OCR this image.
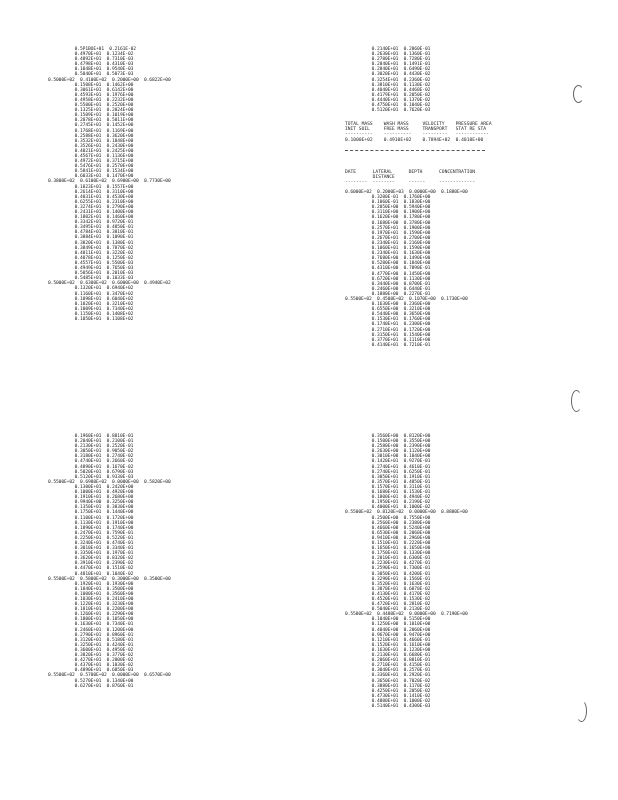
0.5P1BOE+01  0.2161E-02
0.4970E+01  0.1234E-02
0.4892E+01  0.7310E-03
0.4798E+01  0.4310E-03
0.1048E+01  0.9540E-03
0.5040E+01  0.5073E-03
0.5000E+02  0.4100E+02  0.2000E+00  0.6822E+00
0.1508E+01  0.1462E+00
0.3061E+01  0.6142E+00
0.4593E+01  0.1976E+00
0.4958E+01  0.2232E+00
0.5500E+01  0.2520E+00
0.1325E+01  0.2024E+00
0.1509E+01  0.1019E+00
0.2078E+01  0.5011E+00
0.2745E+01  0.1452E+00
0.1768E+01  0.1169E+00
0.2588E+01  0.3620E+00
0.3532E+01  0.1848E+00
0.3526E+01  0.2430E+00
0.4021E+01  0.2425E+00
0.4567E+01  0.1136E+00
0.4972E+01  0.3715E+00
0.5476E+01  0.2570E+00
0.5841E+01  0.1534E+00
0.6033E+01  0.1470E+00
0.3800E+02  0.6100E+02  0.6900E+00  0.7730E+00
0.1823E+01  0.1557E+00
0.2614E+01  0.3110E+00
0.4031E+01  0.4530E+00
0.6255E+01  0.2310E+00
0.3274E+01  0.2790E+00
0.2431E+01  0.1400E+00
0.1802E+01  0.1460E+00
0.3342E+01  0.9720E-01
0.3495E+01  0.4850E-01
0.4784E+01  0.3810E-01
0.3884E+01  0.1090E-01
0.3820E+01  0.1380E-01
0.3849E+01  0.7870E-02
0.4011E+01  0.3220E-02
0.4078E+01  0.1250E-02
0.4557E+01  0.5500E-03
0.4949E+01  0.7650E-03
0.5056E+01  0.2010E-03
0.5485E+01  0.1033E-03
0.5000E+02  0.6300E+02  0.6000E+00  0.4940E+02
0.1320E+01  0.6940E+02
0.1160E+01  0.3470E+02
0.1098E+01  0.6040E+02
0.1020E+01  0.3210E+02
0.1009E+01  0.7340E+02
0.1150E+01  0.1408E+02
0.1050E+01  0.1108E+02
0.2140E+01  0.2860E-01
0.2630E+01  0.1360E-01
0.2780E+01  0.7280E-01
0.2840E+01  0.1491E-01
0.2840E+01  0.6490E-02
0.3020E+01  0.4430E-02
0.3254E+01  0.2360E-02
0.3810E+01  0.1130E-02
0.4040E+01  0.4460E-02
0.4179E+01  0.2050E-02
0.4440E+01  0.1370E-02
0.4750E+01  0.1040E-02
0.5120E+01  0.7620E-03
TOTAL MASS    WASH MASS     VELOCITY    PRESSURE AREA
INIT SOIL     FREE MASS     TRANSPORT   STAT RE STA
----------    ----------    ---------   ------------
0.1000E+02    0.4910E+02    0.7894E+02  0.4010E+00
DATE      LATERAL      DEPTH      CONCENTRATION
DISTANCE
--------  --------     ------     -------------
0.6000E+02  0.2000E+03  0.0000E+00  0.1880E+00
0.3200E-01  0.1760E+00
0.1060E-01  0.1830E+00
0.2050E+00  0.5940E+00
0.3110E+00  0.1900E+00
0.1620E+00  0.1780E+00
0.1680E+00  0.3780E+00
0.2570E+01  0.1900E+00
0.1970E+01  0.1590E+00
0.2670E+01  0.2700E+00
0.2340E+01  0.2160E+00
0.1060E+01  0.1590E+00
0.2340E+01  0.1630E+00
0.7680E+00  0.1490E+00
0.5280E+00  0.1840E+00
0.4310E+00  0.7890E-01
0.4770E+00  0.1450E+00
0.6720E+00  0.1130E+00
0.3440E+00  0.8700E-01
0.2460E+00  0.6440E-01
0.1880E+00  0.2270E-01
0.5500E+02  0.4500E+02  0.1070E+00  0.1730E+00
0.1630E+00  0.2360E+00
0.6550E+00  0.3210E+00
0.5440E+00  0.3650E+00
0.1530E+01  0.1760E+00
0.1740E+01  0.2300E+00
0.2710E+01  0.1720E+00
0.3150E+01  0.1540E+00
0.3770E+01  0.1110E+00
0.4140E+01  0.7210E-01
0.1960E+01  0.8810E-01
0.2040E+01  0.2100E-01
0.2130E+01  0.2520E-01
0.3050E+01  0.9050E-02
0.3180E+01  0.2740E-02
0.4740E+01  0.2660E-02
0.4890E+01  0.1670E-02
0.5020E+01  0.6790E-03
0.5120E+01  0.9330E-03
0.5500E+02  0.6980E+02  0.0000E+00  0.5820E+00
0.1300E+01  0.2420E+00
0.1000E+01  0.4920E+00
0.1910E+01  0.2680E+00
0.9940E+00  0.3250E+00
0.1350E+01  0.3830E+00
0.1750E+01  0.1440E+00
0.1100E+01  0.1720E+00
0.1130E+01  0.1910E+00
0.1890E+01  0.1740E+00
0.2470E+01  0.7590E-01
0.2250E+01  0.5220E-01
0.3240E+01  0.4740E-01
0.3010E+01  0.3340E-01
0.3350E+01  0.1970E-01
0.3620E+01  0.8320E-02
0.3910E+01  0.2390E-02
0.4470E+01  0.1510E-02
0.4810E+01  0.1040E-02
0.5500E+02  0.5800E+02  0.3000E+00  0.3500E+00
0.1920E+01  0.1930E+00
0.1840E+01  0.3500E+00
0.1000E+01  0.3560E+00
0.1030E+01  0.2410E+00
0.1220E+01  0.3230E+00
0.1810E+01  0.2200E+00
0.1260E+01  0.2290E+00
0.1800E+01  0.1050E+00
0.1630E+01  0.7340E-01
0.2460E+01  0.1200E+00
0.2790E+01  0.8960E-01
0.3120E+01  0.5180E-01
0.3250E+01  0.4240E-01
0.3600E+01  0.4950E-02
0.3820E+01  0.3770E-02
0.4270E+01  0.2000E-02
0.4370E+01  0.1030E-02
0.4890E+01  0.6850E-03
0.5500E+02  0.5700E+02  0.0000E+00  0.6570E+00
0.5270E+01  0.1340E+00
0.6270E+01  0.8760E-01
0.3560E+00  0.8120E+00
0.1500E+00  0.3550E+00
0.2580E+00  0.2390E+00
0.2630E+00  0.1120E+00
0.3010E+00  0.1040E+00
0.1420E+01  0.9270E-01
0.2740E+01  0.4610E-01
0.2740E+01  0.6250E-01
0.3050E+01  0.1910E-01
0.3570E+01  0.4850E-01
0.1570E+01  0.3110E-01
0.1680E+01  0.1530E-01
0.1800E+01  0.4940E-02
0.1950E+01  0.2190E-02
0.4000E+01  0.1000E-02
0.5500E+02  0.8120E+02  0.0000E+00  0.8880E+00
0.2500E+00  0.7550E+00
0.2560E+00  0.2380E+00
0.4660E+00  0.5240E+00
0.6530E+00  0.2060E+00
0.9410E+00  0.2960E+00
0.1510E+01  0.2220E+00
0.1650E+01  0.1650E+00
0.1750E+01  0.1330E+00
0.2010E+01  0.6300E-01
0.2230E+01  0.4270E-01
0.2590E+01  0.7300E-01
0.3050E+01  0.4200E-01
0.3290E+01  0.1560E-01
0.3520E+01  0.1630E-01
0.3870E+01  0.6070E-02
0.4130E+01  0.4170E-02
0.4520E+01  0.1530E-02
0.4720E+01  0.2810E-02
0.5040E+01  0.2130E-02
0.5500E+02  0.4480E+02  0.0000E+00  0.7190E+00
0.1040E+00  0.5150E+00
0.1250E+00  0.1010E+00
0.4040E+00  0.2060E+00
0.9670E+00  0.9470E+00
0.1210E+01  0.4660E-01
0.1520E+01  0.1610E+00
0.1630E+01  0.1230E+00
0.2130E+01  0.6680E-01
0.2060E+01  0.8810E-01
0.2710E+01  0.4150E-01
0.3040E+01  0.2570E-01
0.3360E+01  0.2920E-01
0.3650E+01  0.7020E-02
0.3880E+01  0.1170E-02
0.4250E+01  0.2050E-02
0.4730E+01  0.1410E-02
0.4800E+01  0.1000E-02
0.5140E+01  0.4300E-03
